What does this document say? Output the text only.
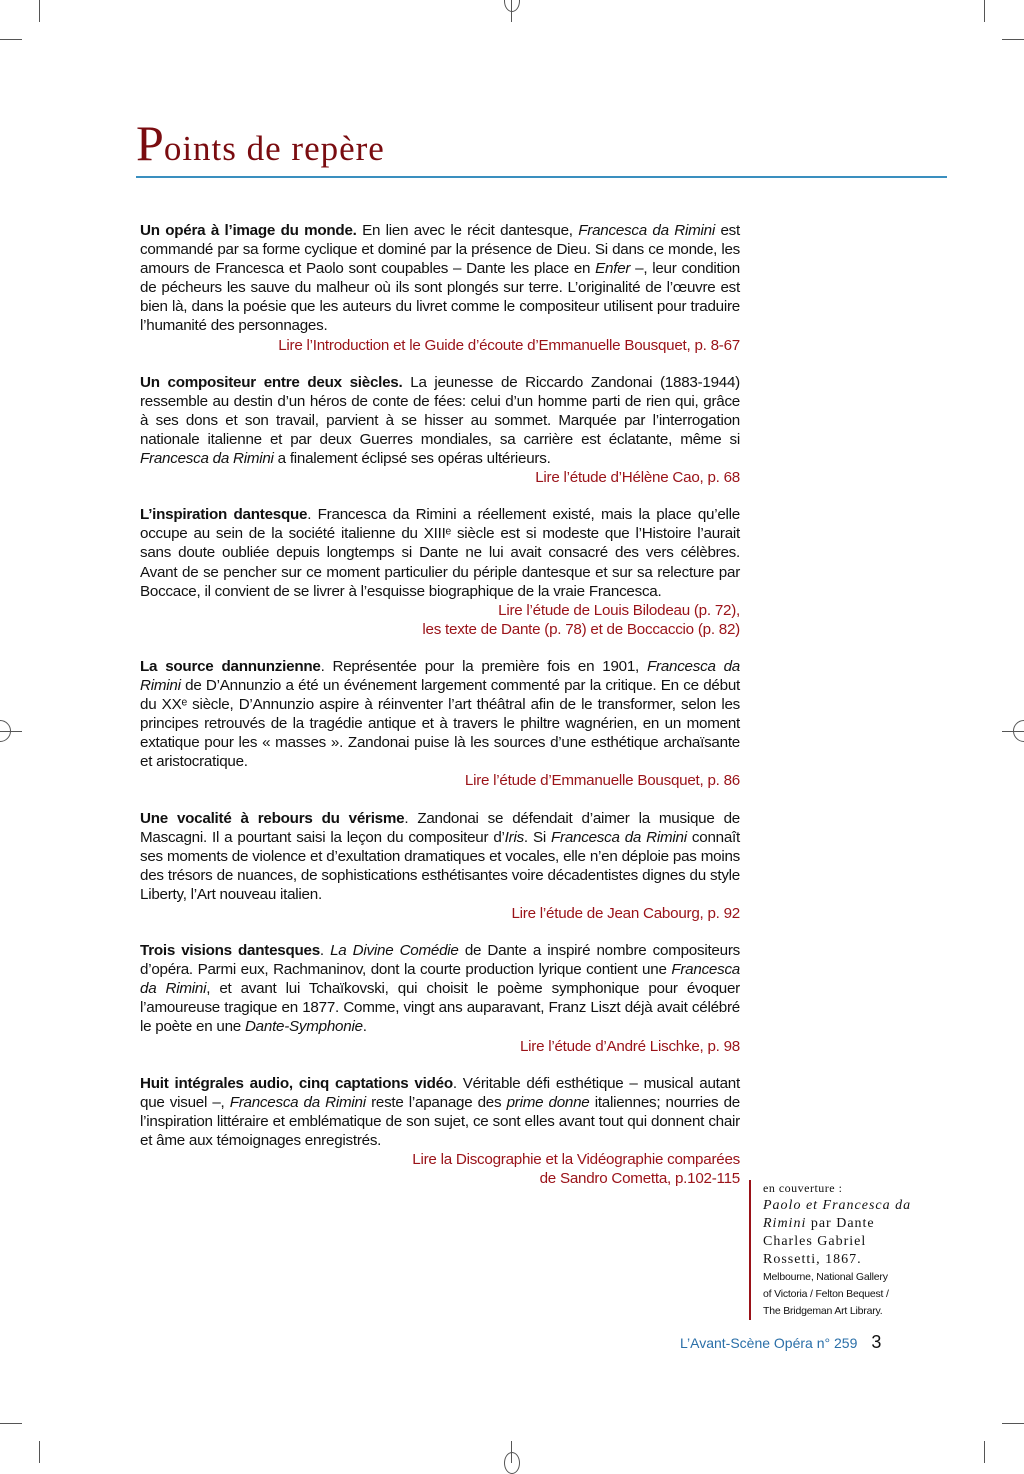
Points de repère

Un opéra à l’image du monde. En lien avec le récit dantesque, Francesca da Rimini est commandé par sa forme cyclique et dominé par la présence de Dieu. Si dans ce monde, les amours de Francesca et Paolo sont coupables – Dante les place en Enfer –, leur condition de pécheurs les sauve du malheur où ils sont plongés sur terre. L’originalité de l’œuvre est bien là, dans la poésie que les auteurs du livret comme le compositeur utilisent pour traduire l’humanité des personnages.

Lire l’Introduction et le Guide d’écoute d’Emmanuelle Bousquet, p. 8-67

Un compositeur entre deux siècles. La jeunesse de Riccardo Zandonai (1883-1944) ressemble au destin d’un héros de conte de fées: celui d’un homme parti de rien qui, grâce à ses dons et son travail, parvient à se hisser au sommet. Marquée par l’interrogation nationale italienne et par deux Guerres mondiales, sa carrière est éclatante, même si Francesca da Rimini a finalement éclipsé ses opéras ultérieurs.

Lire l’étude d’Hélène Cao, p. 68

L’inspiration dantesque. Francesca da Rimini a réellement existé, mais la place qu’elle occupe au sein de la société italienne du XIIIᵉ siècle est si modeste que l’Histoire l’aurait sans doute oubliée depuis longtemps si Dante ne lui avait consacré des vers célèbres. Avant de se pencher sur ce moment particulier du périple dantesque et sur sa relecture par Boccace, il convient de se livrer à l’esquisse biographique de la vraie Francesca.

Lire l’étude de Louis Bilodeau (p. 72),
les texte de Dante (p. 78) et de Boccaccio (p. 82)

La source dannunzienne. Représentée pour la première fois en 1901, Francesca da Rimini de D’Annunzio a été un événement largement commenté par la critique. En ce début du XXᵉ siècle, D’Annunzio aspire à réinventer l’art théâtral afin de le transformer, selon les principes retrouvés de la tragédie antique et à travers le philtre wagnérien, en un moment extatique pour les « masses ». Zandonai puise là les sources d’une esthétique archaïsante et aristocratique.

Lire l’étude d’Emmanuelle Bousquet, p. 86

Une vocalité à rebours du vérisme. Zandonai se défendait d’aimer la musique de Mascagni. Il a pourtant saisi la leçon du compositeur d’Iris. Si Francesca da Rimini connaît ses moments de violence et d’exultation dramatiques et vocales, elle n’en déploie pas moins des trésors de nuances, de sophistications esthétisantes voire décadentistes dignes du style Liberty, l’Art nouveau italien.

Lire l’étude de Jean Cabourg, p. 92

Trois visions dantesques. La Divine Comédie de Dante a inspiré nombre compositeurs d’opéra. Parmi eux, Rachmaninov, dont la courte production lyrique contient une Francesca da Rimini, et avant lui Tchaïkovski, qui choisit le poème symphonique pour évoquer l’amoureuse tragique en 1877. Comme, vingt ans auparavant, Franz Liszt déjà avait célébré le poète en une Dante-Symphonie.

Lire l’étude d’André Lischke, p. 98

Huit intégrales audio, cinq captations vidéo. Véritable défi esthétique – musical autant que visuel –, Francesca da Rimini reste l’apanage des prime donne italiennes; nourries de l’inspiration littéraire et emblématique de son sujet, ce sont elles avant tout qui donnent chair et âme aux témoignages enregistrés.

Lire la Discographie et la Vidéographie comparées
de Sandro Cometta, p.102-115
en couverture :
Paolo et Francesca da Rimini par Dante Charles Gabriel Rossetti, 1867.
Melbourne, National Gallery
of Victoria / Felton Bequest /
The Bridgeman Art Library.
L’Avant-Scène Opéra n° 259 3
